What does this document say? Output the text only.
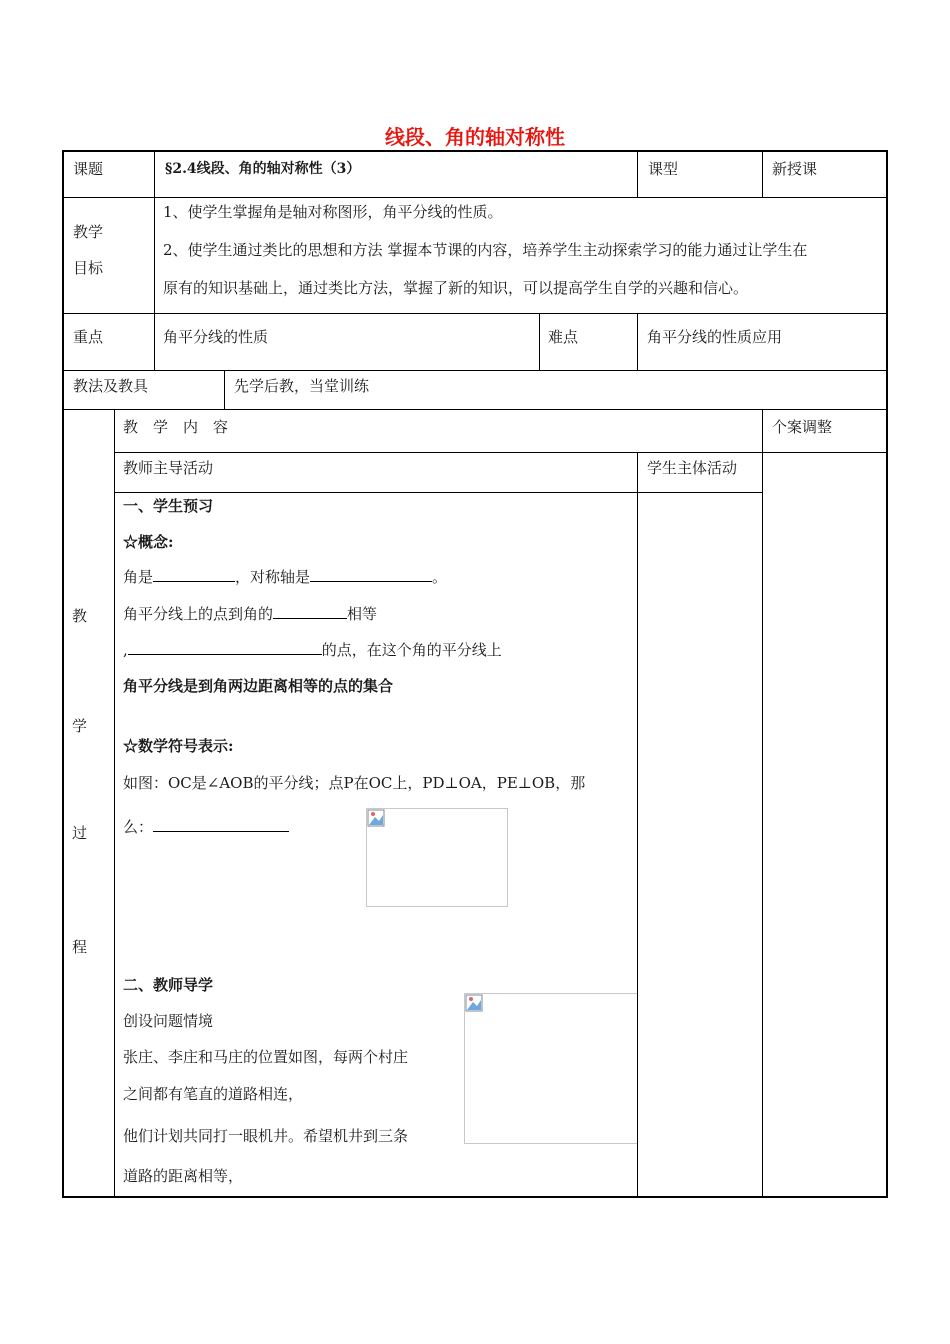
线段、角的轴对称性
课题	§2.4线段、角的轴对称性（3）	课型	新授课
教学
目标
1、使学生掌握角是轴对称图形，角平分线的性质。
2、使学生通过类比的思想和方法 掌握本节课的内容，培养学生主动探索学习的能力通过让学生在
原有的知识基础上，通过类比方法，掌握了新的知识，可以提高学生自学的兴趣和信心。
重点	角平分线的性质	难点	角平分线的性质应用
教法及教具	先学后教，当堂训练
教　学　内　容	个案调整
教师主导活动	学生主体活动
教
学
过
程
一、学生预习
☆概念:
角是	，对称轴是	。
角平分线上的点到角的	相等
,	的点，在这个角的平分线上
角平分线是到角两边距离相等的点的集合
☆数学符号表示:
如图：OC是∠AOB的平分线；点P在OC上，PD⊥OA，PE⊥OB，那
么：
二、教师导学
创设问题情境
张庄、李庄和马庄的位置如图，每两个村庄
之间都有笔直的道路相连，
他们计划共同打一眼机井。希望机井到三条
道路的距离相等，
